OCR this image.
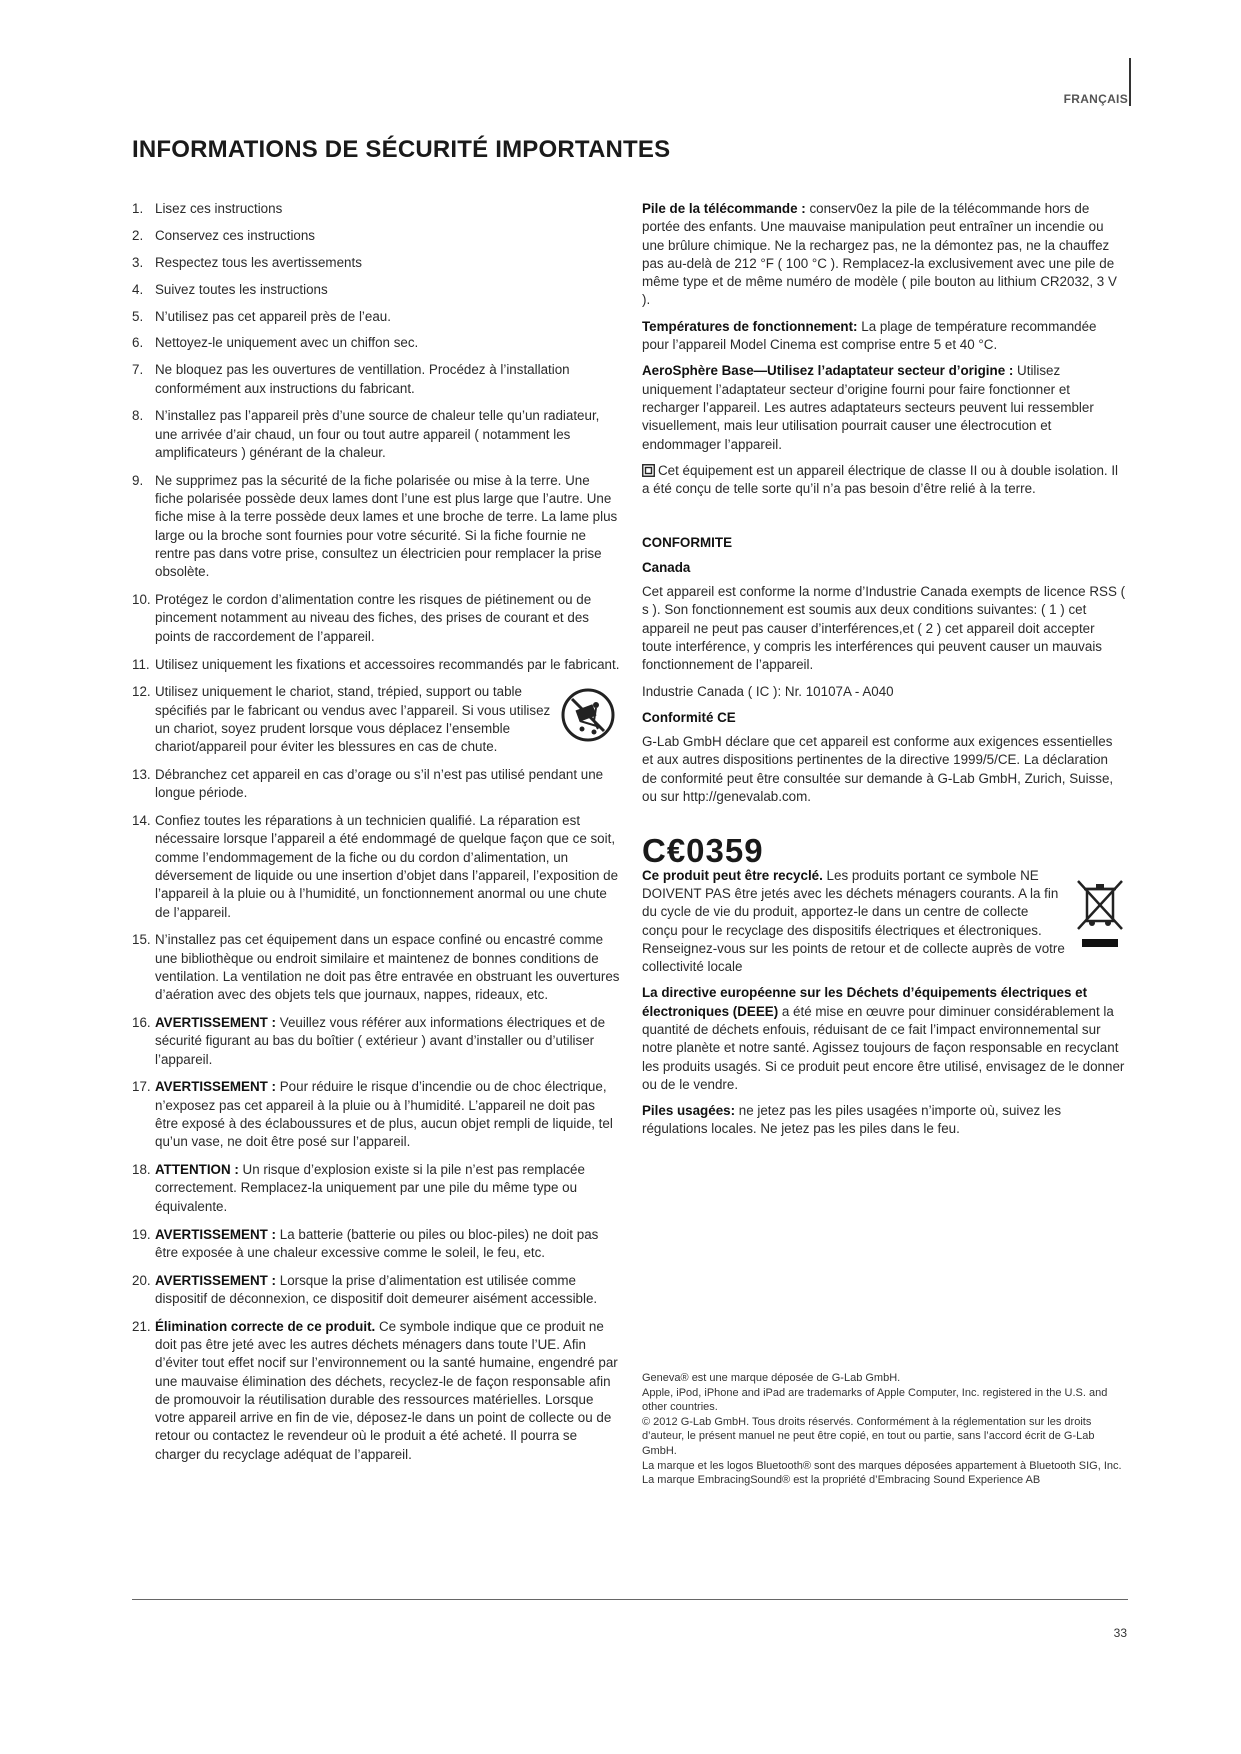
FRANÇAIS
INFORMATIONS DE SÉCURITÉ IMPORTANTES
1. Lisez ces instructions
2. Conservez ces instructions
3. Respectez tous les avertissements
4. Suivez toutes les instructions
5. N’utilisez pas cet appareil près de l’eau.
6. Nettoyez-le uniquement avec un chiffon sec.
7. Ne bloquez pas les ouvertures de ventillation. Procédez à l’installation conformément aux instructions du fabricant.
8. N’installez pas l’appareil près d’une source de chaleur telle qu’un radiateur, une arrivée d’air chaud, un four ou tout autre appareil ( notamment les amplificateurs ) générant de la chaleur.
9. Ne supprimez pas la sécurité de la fiche polarisée ou mise à la terre. Une fiche polarisée possède deux lames dont l’une est plus large que l’autre. Une fiche mise à la terre possède deux lames et une broche de terre. La lame plus large ou la broche sont fournies pour votre sécurité. Si la fiche fournie ne rentre pas dans votre prise, consultez un électricien pour remplacer la prise obsolète.
10. Protégez le cordon d’alimentation contre les risques de piétinement ou de pincement notamment au niveau des fiches, des prises de courant et des points de raccordement de l’appareil.
11. Utilisez uniquement les fixations et accessoires recommandés par le fabricant.
12. Utilisez uniquement le chariot, stand, trépied, support ou table spécifiés par le fabricant ou vendus avec l’appareil. Si vous utilisez un chariot, soyez prudent lorsque vous déplacez l’ensemble chariot/appareil pour éviter les blessures en cas de chute.
13. Débranchez cet appareil en cas d’orage ou s’il n’est pas utilisé pendant une longue période.
14. Confiez toutes les réparations à un technicien qualifié. La réparation est nécessaire lorsque l’appareil a été endommagé de quelque façon que ce soit, comme l’endommagement de la fiche ou du cordon d’alimentation, un déversement de liquide ou une insertion d’objet dans l’appareil, l’exposition de l’appareil à la pluie ou à l’humidité, un fonctionnement anormal ou une chute de l’appareil.
15. N’installez pas cet équipement dans un espace confiné ou encastré comme une bibliothèque ou endroit similaire et maintenez de bonnes conditions de ventilation. La ventilation ne doit pas être entravée en obstruant les ouvertures d’aération avec des objets tels que journaux, nappes, rideaux, etc.
16. AVERTISSEMENT : Veuillez vous référer aux informations électriques et de sécurité figurant au bas du boîtier ( extérieur ) avant d’installer ou d’utiliser l’appareil.
17. AVERTISSEMENT : Pour réduire le risque d’incendie ou de choc électrique, n’exposez pas cet appareil à la pluie ou à l’humidité. L’appareil ne doit pas être exposé à des éclaboussures et de plus, aucun objet rempli de liquide, tel qu’un vase, ne doit être posé sur l’appareil.
18. ATTENTION : Un risque d’explosion existe si la pile n’est pas remplacée correctement. Remplacez-la uniquement par une pile du même type ou équivalente.
19. AVERTISSEMENT : La batterie (batterie ou piles ou bloc-piles) ne doit pas être exposée à une chaleur excessive comme le soleil, le feu, etc.
20. AVERTISSEMENT : Lorsque la prise d’alimentation est utilisée comme dispositif de déconnexion, ce dispositif doit demeurer aisément accessible.
21. Élimination correcte de ce produit. Ce symbole indique que ce produit ne doit pas être jeté avec les autres déchets ménagers dans toute l’UE. Afin d’éviter tout effet nocif sur l’environnement ou la santé humaine, engendré par une mauvaise élimination des déchets, recyclez-le de façon responsable afin de promouvoir la réutilisation durable des ressources matérielles. Lorsque votre appareil arrive en fin de vie, déposez-le dans un point de collecte ou de retour ou contactez le revendeur où le produit a été acheté. Il pourra se charger du recyclage adéquat de l’appareil.
Pile de la télécommande : conserv0ez la pile de la télécommande hors de portée des enfants. Une mauvaise manipulation peut entraîner un incendie ou une brûlure chimique. Ne la rechargez pas, ne la démontez pas, ne la chauffez pas au-delà de 212 °F ( 100 °C ). Remplacez-la exclusivement avec une pile de même type et de même numéro de modèle ( pile bouton au lithium CR2032, 3 V ).
Températures de fonctionnement: La plage de température recommandée pour l’appareil Model Cinema est comprise entre 5 et 40 °C.
AeroSphère Base—Utilisez l’adaptateur secteur d’origine : Utilisez uniquement l’adaptateur secteur d’origine fourni pour faire fonctionner et recharger l’appareil. Les autres adaptateurs secteurs peuvent lui ressembler visuellement, mais leur utilisation pourrait causer une électrocution et endommager l’appareil.
Cet équipement est un appareil électrique de classe II ou à double isolation. Il a été conçu de telle sorte qu’il n’a pas besoin d’être relié à la terre.
CONFORMITE
Canada
Cet appareil est conforme la norme d’Industrie Canada exempts de licence RSS ( s ). Son fonctionnement est soumis aux deux conditions suivantes: ( 1 ) cet appareil ne peut pas causer d’interférences,et ( 2 ) cet appareil doit accepter toute interférence, y compris les interférences qui peuvent causer un mauvais fonctionnement de l’appareil.
Industrie Canada ( IC ): Nr. 10107A - A040
Conformité CE
G-Lab GmbH déclare que cet appareil est conforme aux exigences essentielles et aux autres dispositions pertinentes de la directive 1999/5/CE. La déclaration de conformité peut être consultée sur demande à G-Lab GmbH, Zurich, Suisse, ou sur http://genevalab.com.
C€0359
Ce produit peut être recyclé. Les produits portant ce symbole NE DOIVENT PAS être jetés avec les déchets ménagers courants. A la fin du cycle de vie du produit, apportez-le dans un centre de collecte conçu pour le recyclage des dispositifs électriques et électroniques. Renseignez-vous sur les points de retour et de collecte auprès de votre collectivité locale
La directive européenne sur les Déchets d’équipements électriques et électroniques (DEEE) a été mise en œuvre pour diminuer considérablement la quantité de déchets enfouis, réduisant de ce fait l’impact environnemental sur notre planète et notre santé. Agissez toujours de façon responsable en recyclant les produits usagés. Si ce produit peut encore être utilisé, envisagez de le donner ou de le vendre.
Piles usagées: ne jetez pas les piles usagées n’importe où, suivez les régulations locales. Ne jetez pas les piles dans le feu.
Geneva® est une marque déposée de G-Lab GmbH.
Apple, iPod, iPhone and iPad are trademarks of Apple Computer, Inc. registered in the U.S. and other countries.
© 2012 G-Lab GmbH. Tous droits réservés. Conformément à la réglementation sur les droits d’auteur, le présent manuel ne peut être copié, en tout ou partie, sans l’accord écrit de G-Lab GmbH.
La marque et les logos Bluetooth® sont des marques déposées appartement à Bluetooth SIG, Inc.
La marque EmbracingSound® est la propriété d’Embracing Sound Experience AB
33
